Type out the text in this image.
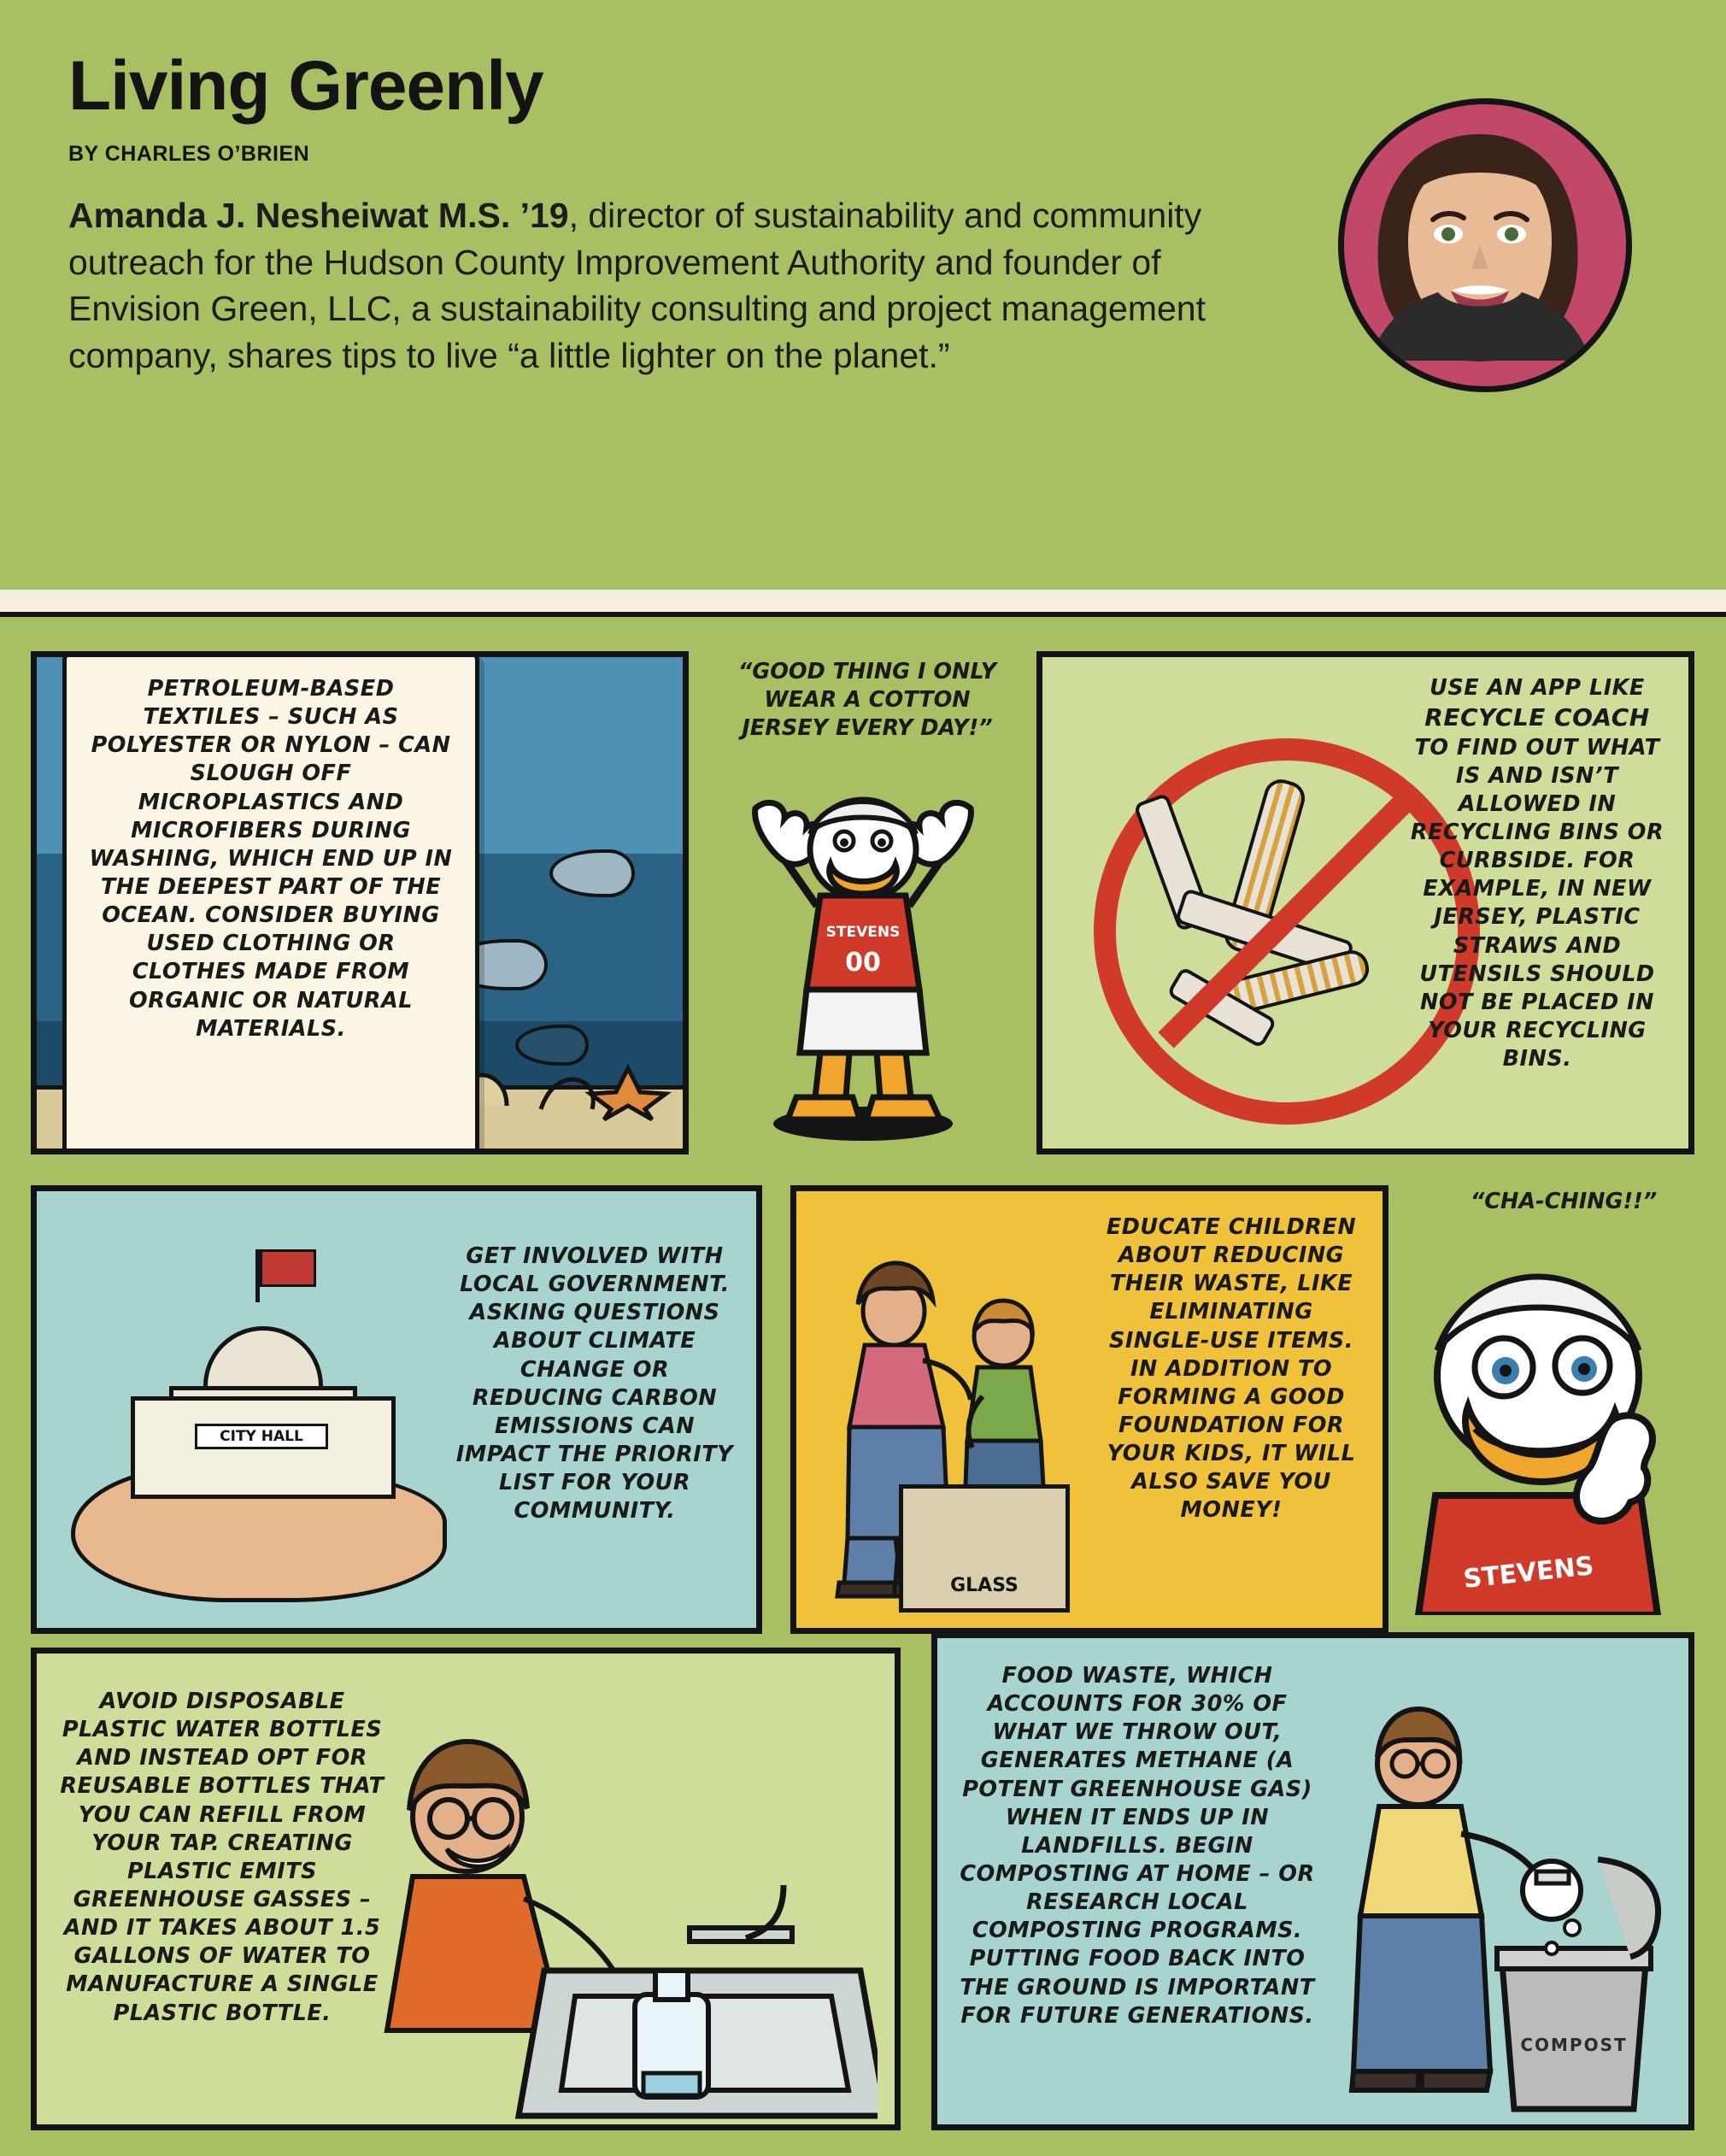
Living Greenly
BY CHARLES O’BRIEN
Amanda J. Nesheiwat M.S. ’19, director of sustainability and community outreach for the Hudson County Improvement Authority and founder of Envision Green, LLC, a sustainability consulting and project management company, shares tips to live “a little lighter on the planet.”
PETROLEUM-BASED TEXTILES – SUCH AS POLYESTER OR NYLON – CAN SLOUGH OFF MICROPLASTICS AND MICROFIBERS DURING WASHING, WHICH END UP IN THE DEEPEST PART OF THE OCEAN. CONSIDER BUYING USED CLOTHING OR CLOTHES MADE FROM ORGANIC OR NATURAL MATERIALS.
“GOOD THING I ONLY WEAR A COTTON JERSEY EVERY DAY!”
STEVENS
00
USE AN APP LIKE
RECYCLE COACH TO FIND OUT WHAT IS AND ISN’T ALLOWED IN RECYCLING BINS OR CURBSIDE. FOR EXAMPLE, IN NEW JERSEY, PLASTIC STRAWS AND UTENSILS SHOULD NOT BE PLACED IN YOUR RECYCLING BINS.
CITY HALL
GET INVOLVED WITH LOCAL GOVERNMENT. ASKING QUESTIONS ABOUT CLIMATE CHANGE OR REDUCING CARBON EMISSIONS CAN IMPACT THE PRIORITY LIST FOR YOUR COMMUNITY.
GLASS
EDUCATE CHILDREN ABOUT REDUCING THEIR WASTE, LIKE ELIMINATING SINGLE-USE ITEMS. IN ADDITION TO FORMING A GOOD FOUNDATION FOR YOUR KIDS, IT WILL ALSO SAVE YOU MONEY!
“CHA-CHING!!”
STEVENS
AVOID DISPOSABLE PLASTIC WATER BOTTLES AND INSTEAD OPT FOR REUSABLE BOTTLES THAT YOU CAN REFILL FROM YOUR TAP. CREATING PLASTIC EMITS GREENHOUSE GASSES – AND IT TAKES ABOUT 1.5 GALLONS OF WATER TO MANUFACTURE A SINGLE PLASTIC BOTTLE.
COMPOST
FOOD WASTE, WHICH ACCOUNTS FOR 30% OF WHAT WE THROW OUT, GENERATES METHANE (A POTENT GREENHOUSE GAS) WHEN IT ENDS UP IN LANDFILLS. BEGIN COMPOSTING AT HOME – OR RESEARCH LOCAL COMPOSTING PROGRAMS. PUTTING FOOD BACK INTO THE GROUND IS IMPORTANT FOR FUTURE GENERATIONS.
